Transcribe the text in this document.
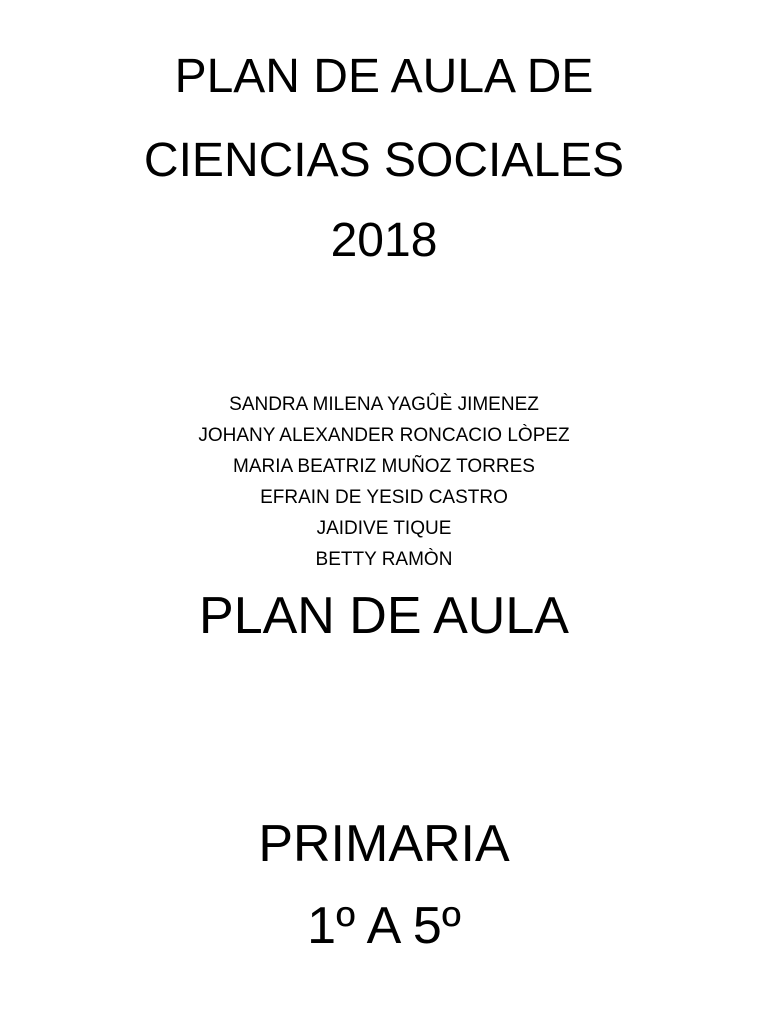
PLAN DE AULA DE
CIENCIAS SOCIALES
2018
SANDRA MILENA YAGÛÈ JIMENEZ
JOHANY ALEXANDER RONCACIO LÒPEZ
MARIA BEATRIZ MUÑOZ TORRES
EFRAIN DE YESID CASTRO
JAIDIVE TIQUE
BETTY RAMÒN
PLAN DE AULA
PRIMARIA
1º A 5º
